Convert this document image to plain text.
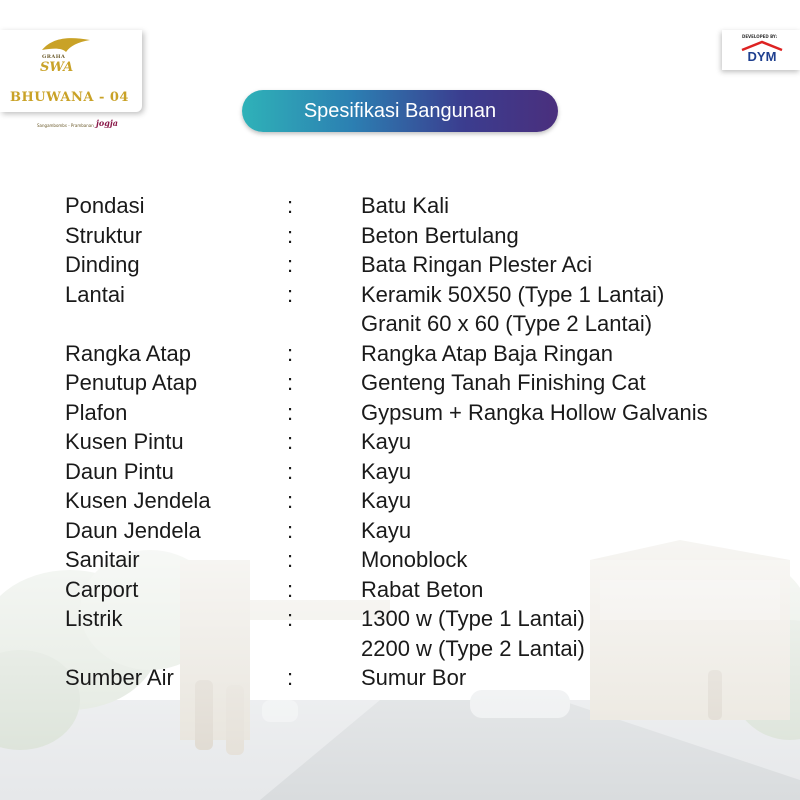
GRAHA
SWA
BHUWANA - 04
Sangambombs - Prambanan jogja
DEVELOPED BY:
DYM
Spesifikasi Bangunan
Pondasi	:	Batu Kali
Struktur	:	Beton Bertulang
Dinding	:	Bata Ringan Plester Aci
Lantai	:	Keramik 50X50 (Type 1 Lantai)
Granit 60 x 60 (Type 2 Lantai)
Rangka Atap	:	Rangka Atap Baja Ringan
Penutup Atap	:	Genteng Tanah Finishing Cat
Plafon	:	Gypsum + Rangka Hollow Galvanis
Kusen Pintu	:	Kayu
Daun Pintu	:	Kayu
Kusen Jendela	:	Kayu
Daun Jendela	:	Kayu
Sanitair	:	Monoblock
Carport	:	Rabat Beton
Listrik	:	1300 w (Type 1 Lantai)
2200 w (Type 2 Lantai)
Sumber Air	:	Sumur Bor
